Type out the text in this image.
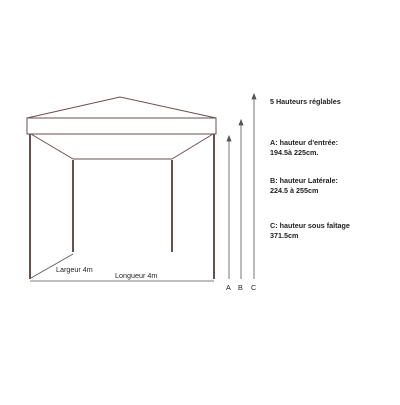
Largeur 4m
Longueur 4m
A B C
5 Hauteurs réglables
A: hauteur d'entrée:
194.5à 225cm.
B: hauteur Latérale:
224.5 à 255cm
C: hauteur sous faîtage
371.5cm
